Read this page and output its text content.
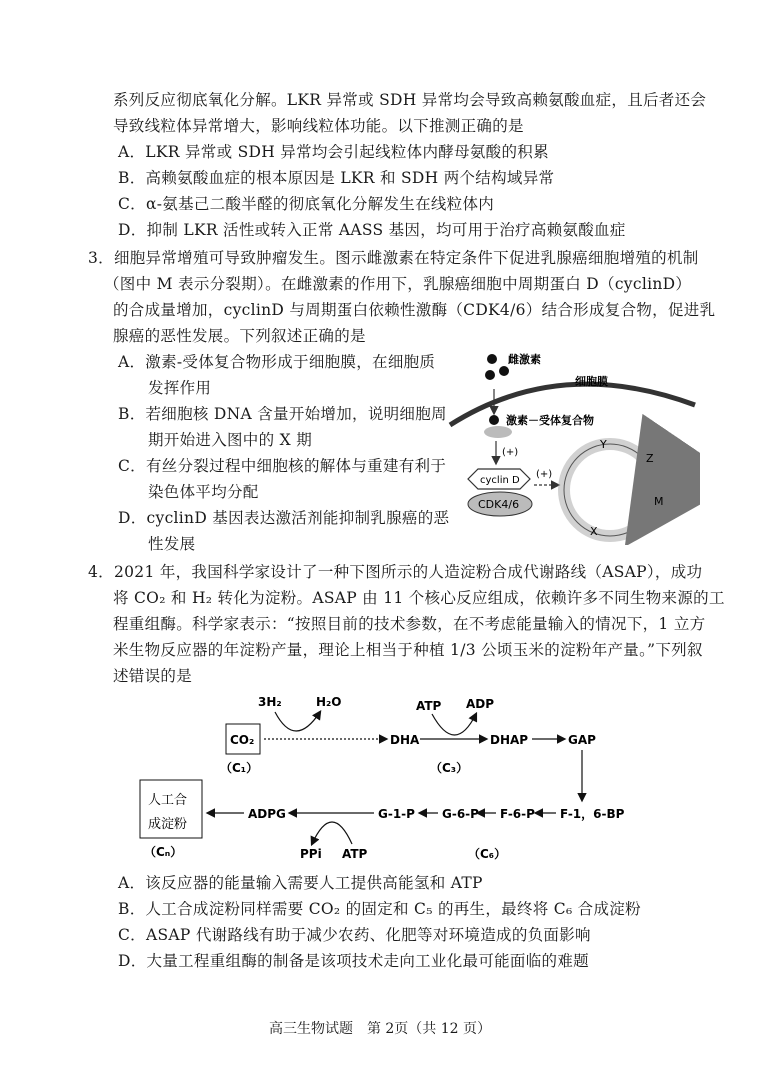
系列反应彻底氧化分解。LKR 异常或 SDH 异常均会导致高赖氨酸血症，且后者还会
导致线粒体异常增大，影响线粒体功能。以下推测正确的是
A．LKR 异常或 SDH 异常均会引起线粒体内酵母氨酸的积累
B．高赖氨酸血症的根本原因是 LKR 和 SDH 两个结构域异常
C．α-氨基己二酸半醛的彻底氧化分解发生在线粒体内
D．抑制 LKR 活性或转入正常 AASS 基因，均可用于治疗高赖氨酸血症
3．细胞异常增殖可导致肿瘤发生。图示雌激素在特定条件下促进乳腺癌细胞增殖的机制
（图中 M 表示分裂期）。在雌激素的作用下，乳腺癌细胞中周期蛋白 D（cyclinD）
的合成量增加，cyclinD 与周期蛋白依赖性激酶（CDK4/6）结合形成复合物，促进乳
腺癌的恶性发展。下列叙述正确的是
A．激素-受体复合物形成于细胞膜，在细胞质
发挥作用
B．若细胞核 DNA 含量开始增加，说明细胞周
期开始进入图中的 X 期
C．有丝分裂过程中细胞核的解体与重建有利于
染色体平均分配
D．cyclinD 基因表达激活剂能抑制乳腺癌的恶
性发展
雌激素
细胞膜
激素－受体复合物
(+)
cyclin D
CDK4/6
(+)
Y
Z
M
X
4．2021 年，我国科学家设计了一种下图所示的人造淀粉合成代谢路线（ASAP），成功
将 CO₂ 和 H₂ 转化为淀粉。ASAP 由 11 个核心反应组成，依赖许多不同生物来源的工
程重组酶。科学家表示：“按照目前的技术参数，在不考虑能量输入的情况下，1 立方
米生物反应器的年淀粉产量，理论上相当于种植 1/3 公顷玉米的淀粉年产量。”下列叙
述错误的是
3H₂	H₂O
CO₂
（C₁）
ATP ADP
DHA	DHAP	GAP
（C₃）
人工合
成淀粉
（Cₙ）
ADPG	G-1-P G-6-P F-6-P F-1，6-BP
PPi ATP	（C₆）
A．该反应器的能量输入需要人工提供高能氢和 ATP
B．人工合成淀粉同样需要 CO₂ 的固定和 C₅ 的再生，最终将 C₆ 合成淀粉
C．ASAP 代谢路线有助于减少农药、化肥等对环境造成的负面影响
D．大量工程重组酶的制备是该项技术走向工业化最可能面临的难题
高三生物试题　第 2页（共 12 页）
